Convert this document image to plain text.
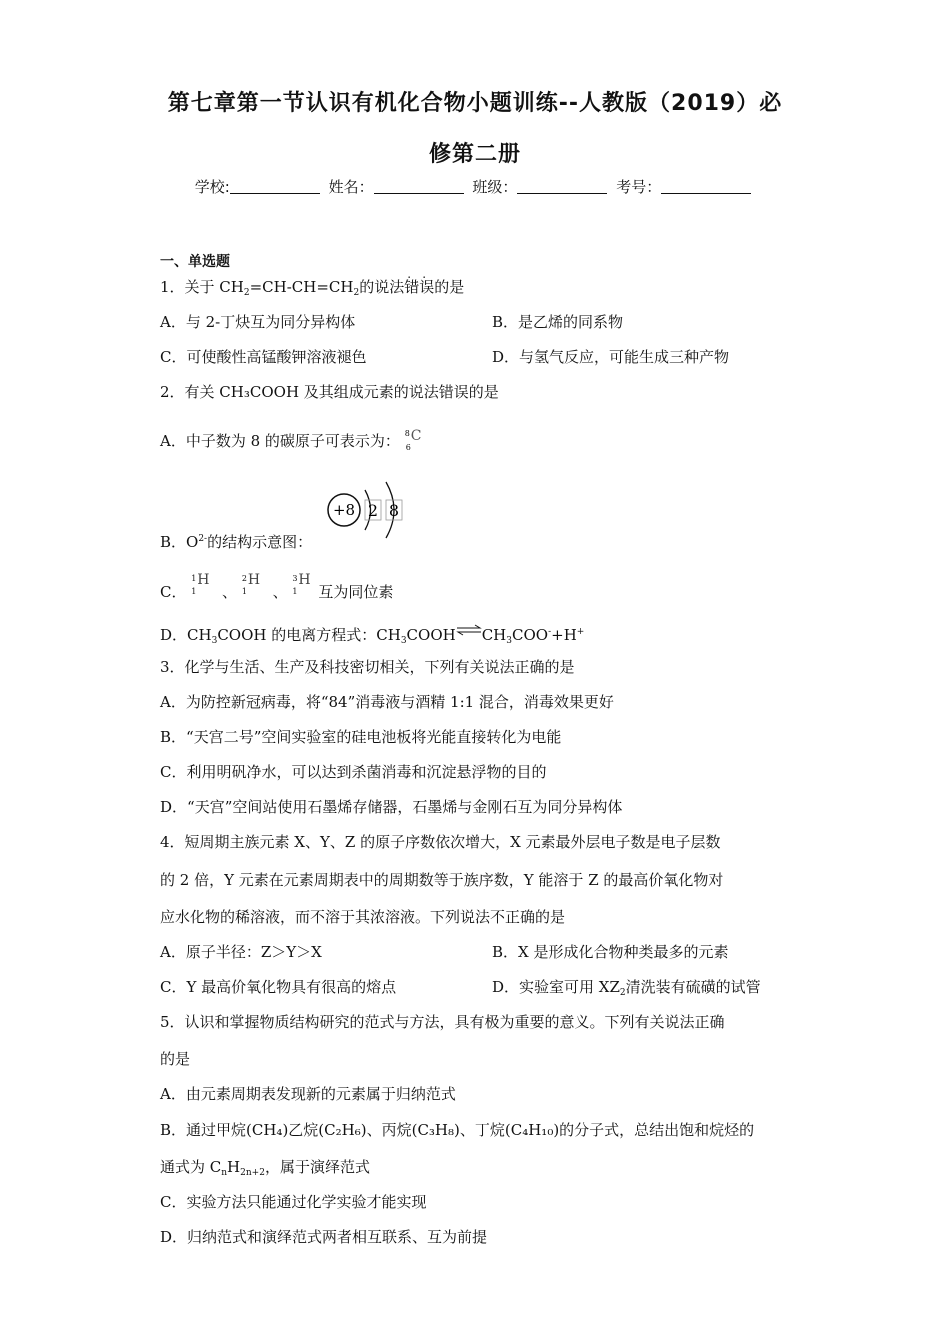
第七章第一节认识有机化合物小题训练--人教版（2019）必
修第二册
学校:	姓名：	班级：	考号：
一、单选题
1．关于 $CH_2=CH-CH=CH_2$的说法
. .
错误的是
A．与 2-丁炔互为同分异构体	B．是乙烯的同系物
C．可使酸性高锰酸钾溶液褪色	D．与氢气反应，可能生成三种产物
2．有关 CH₃COOH 及其组成元素的说法错误的是
A．中子数为 8 的碳原子可表示为： 8
6
C
B．$O^{2-}$的结构示意图：
+8 2 8
C．
1
1
H
、
2
1
H
、
3
1
H
互为同位素
D．$CH_3COOH$ 的电离方程式：$CH_3COOH\rightleftharpoons CH_3COO^-+H^+$
3．化学与生活、生产及科技密切相关，下列有关说法正确的是
A．为防控新冠病毒，将“84”消毒液与酒精 1:1 混合，消毒效果更好
B．“天宫二号”空间实验室的硅电池板将光能直接转化为电能
C．利用明矾净水，可以达到杀菌消毒和沉淀悬浮物的目的
D．“天宫”空间站使用石墨烯存储器，石墨烯与金刚石互为同分异构体
4．短周期主族元素 X、Y、Z 的原子序数依次增大，X 元素最外层电子数是电子层数
的 2 倍，Y 元素在元素周期表中的周期数等于族序数，Y 能溶于 Z 的最高价氧化物对
应水化物的稀溶液，而不溶于其浓溶液。下列说法不正确的是
A．原子半径：Z＞Y＞X	B．X 是形成化合物种类最多的元素
C．Y 最高价氧化物具有很高的熔点	D．实验室可用 $XZ_2$清洗装有硫磺的试管
5．认识和掌握物质结构研究的范式与方法，具有极为重要的意义。下列有关说法正确
的是
A．由元素周期表发现新的元素属于归纳范式
B．通过甲烷(CH₄)乙烷(C₂H₆)、丙烷(C₃H₈)、丁烷(C₄H₁₀)的分子式，总结出饱和烷烃的
通式为 $C_nH_{2n+2}$，属于演绎范式
C．实验方法只能通过化学实验才能实现
D．归纳范式和演绎范式两者相互联系、互为前提
